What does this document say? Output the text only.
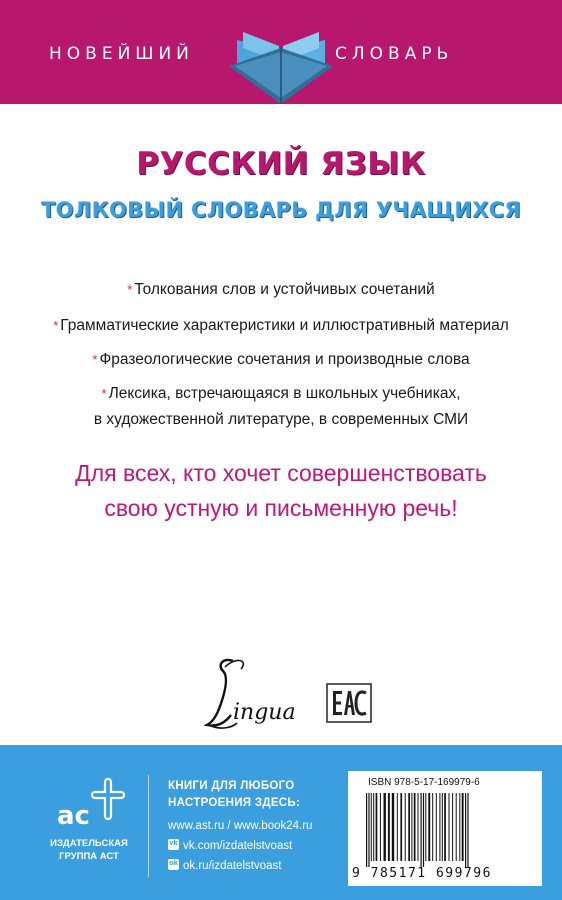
НОВЕЙШИЙ	СЛОВАРЬ
РУССКИЙ ЯЗЫК
ТОЛКОВЫЙ СЛОВАРЬ ДЛЯ УЧАЩИХСЯ
* Толкования слов и устойчивых сочетаний
* Грамматические характеристики и иллюстративный материал
* Фразеологические сочетания и производные слова
* Лексика, встречающаяся в школьных учебниках,
в художественной литературе, в современных СМИ
Для всех, кто хочет совершенствовать
свою устную и письменную речь!
ingua
ac
ИЗДАТЕЛЬСКАЯ
ГРУППА АСТ
КНИГИ ДЛЯ ЛЮБОГО
НАСТРОЕНИЯ ЗДЕСЬ:
www.ast.ru / www.book24.ru
vk vk.com/izdatelstvoast
ok ok.ru/izdatelstvoast
ISBN 978-5-17-169979-6
9 785171 699796
